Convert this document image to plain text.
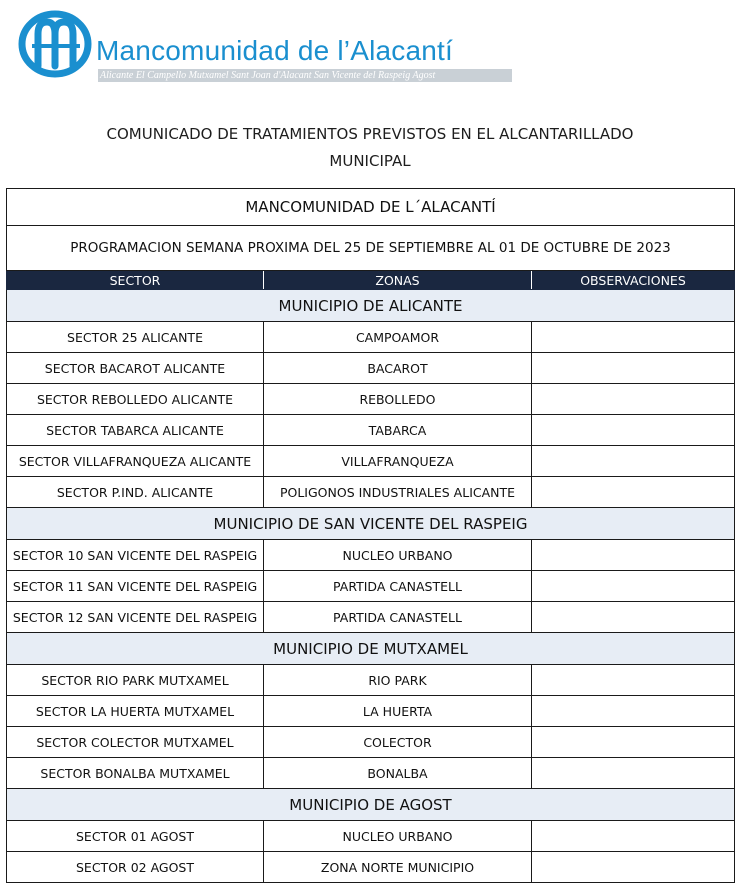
Mancomunidad de l’Alacantí
Alicante El Campello Mutxamel Sant Joan d'Alacant San Vicente del Raspeig Agost
COMUNICADO DE TRATAMIENTOS PREVISTOS EN EL ALCANTARILLADO
MUNICIPAL
MANCOMUNIDAD DE L´ALACANTÍ		
PROGRAMACION SEMANA PROXIMA DEL 25 DE SEPTIEMBRE AL 01 DE OCTUBRE DE 2023		
SECTOR	ZONAS	OBSERVACIONES
MUNICIPIO DE ALICANTE		
SECTOR 25 ALICANTE	CAMPOAMOR	
SECTOR BACAROT ALICANTE	BACAROT	
SECTOR REBOLLEDO ALICANTE	REBOLLEDO	
SECTOR TABARCA ALICANTE	TABARCA	
SECTOR VILLAFRANQUEZA ALICANTE	VILLAFRANQUEZA	
SECTOR P.IND. ALICANTE	POLIGONOS INDUSTRIALES ALICANTE	
MUNICIPIO DE SAN VICENTE DEL RASPEIG		
SECTOR 10 SAN VICENTE DEL RASPEIG	NUCLEO URBANO	
SECTOR 11 SAN VICENTE DEL RASPEIG	PARTIDA CANASTELL	
SECTOR 12 SAN VICENTE DEL RASPEIG	PARTIDA CANASTELL	
MUNICIPIO DE MUTXAMEL		
SECTOR RIO PARK MUTXAMEL	RIO PARK	
SECTOR LA HUERTA MUTXAMEL	LA HUERTA	
SECTOR COLECTOR MUTXAMEL	COLECTOR	
SECTOR BONALBA MUTXAMEL	BONALBA	
MUNICIPIO DE AGOST		
SECTOR 01 AGOST	NUCLEO URBANO	
SECTOR 02 AGOST	ZONA NORTE MUNICIPIO	
